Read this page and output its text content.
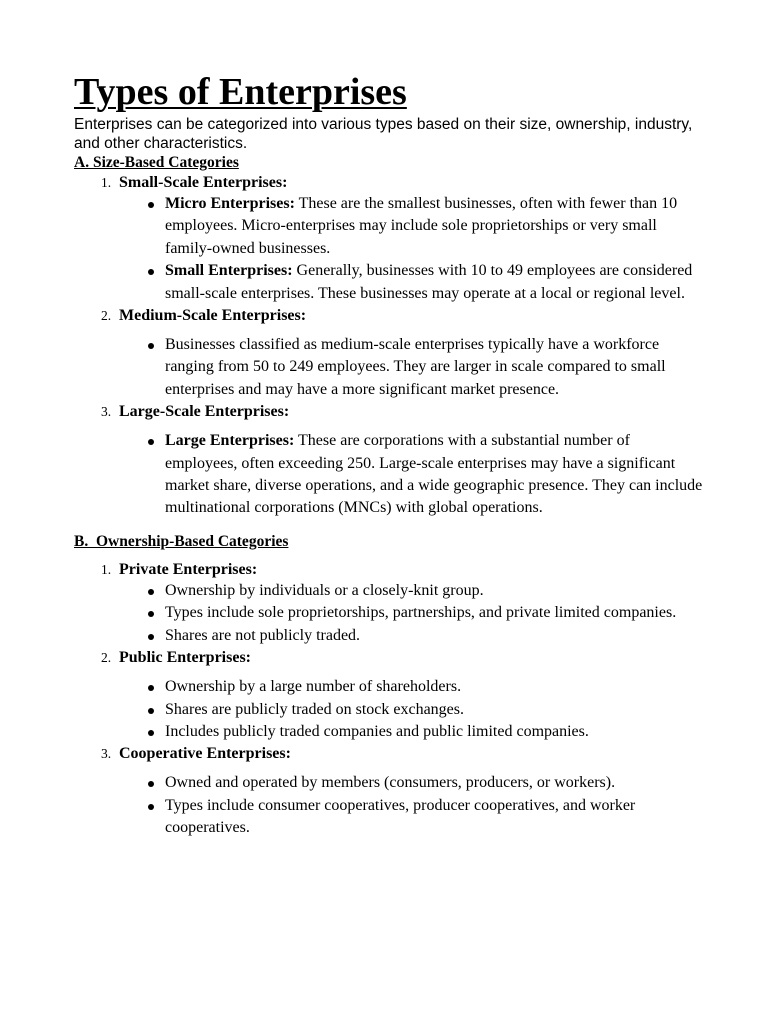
Types of Enterprises

Enterprises can be categorized into various types based on their size, ownership, industry, and other characteristics.

A. Size-Based Categories
1. Small-Scale Enterprises:
Micro Enterprises: These are the smallest businesses, often with fewer than 10 employees. Micro-enterprises may include sole proprietorships or very small family-owned businesses.
Small Enterprises: Generally, businesses with 10 to 49 employees are considered small-scale enterprises. These businesses may operate at a local or regional level.
2. Medium-Scale Enterprises:
Businesses classified as medium-scale enterprises typically have a workforce ranging from 50 to 249 employees. They are larger in scale compared to small enterprises and may have a more significant market presence.
3. Large-Scale Enterprises:
Large Enterprises: These are corporations with a substantial number of employees, often exceeding 250. Large-scale enterprises may have a significant market share, diverse operations, and a wide geographic presence. They can include multinational corporations (MNCs) with global operations.
B.  Ownership-Based Categories
1. Private Enterprises:
Ownership by individuals or a closely-knit group.
Types include sole proprietorships, partnerships, and private limited companies.
Shares are not publicly traded.
2. Public Enterprises:
Ownership by a large number of shareholders.
Shares are publicly traded on stock exchanges.
Includes publicly traded companies and public limited companies.
3. Cooperative Enterprises:
Owned and operated by members (consumers, producers, or workers).
Types include consumer cooperatives, producer cooperatives, and worker cooperatives.
